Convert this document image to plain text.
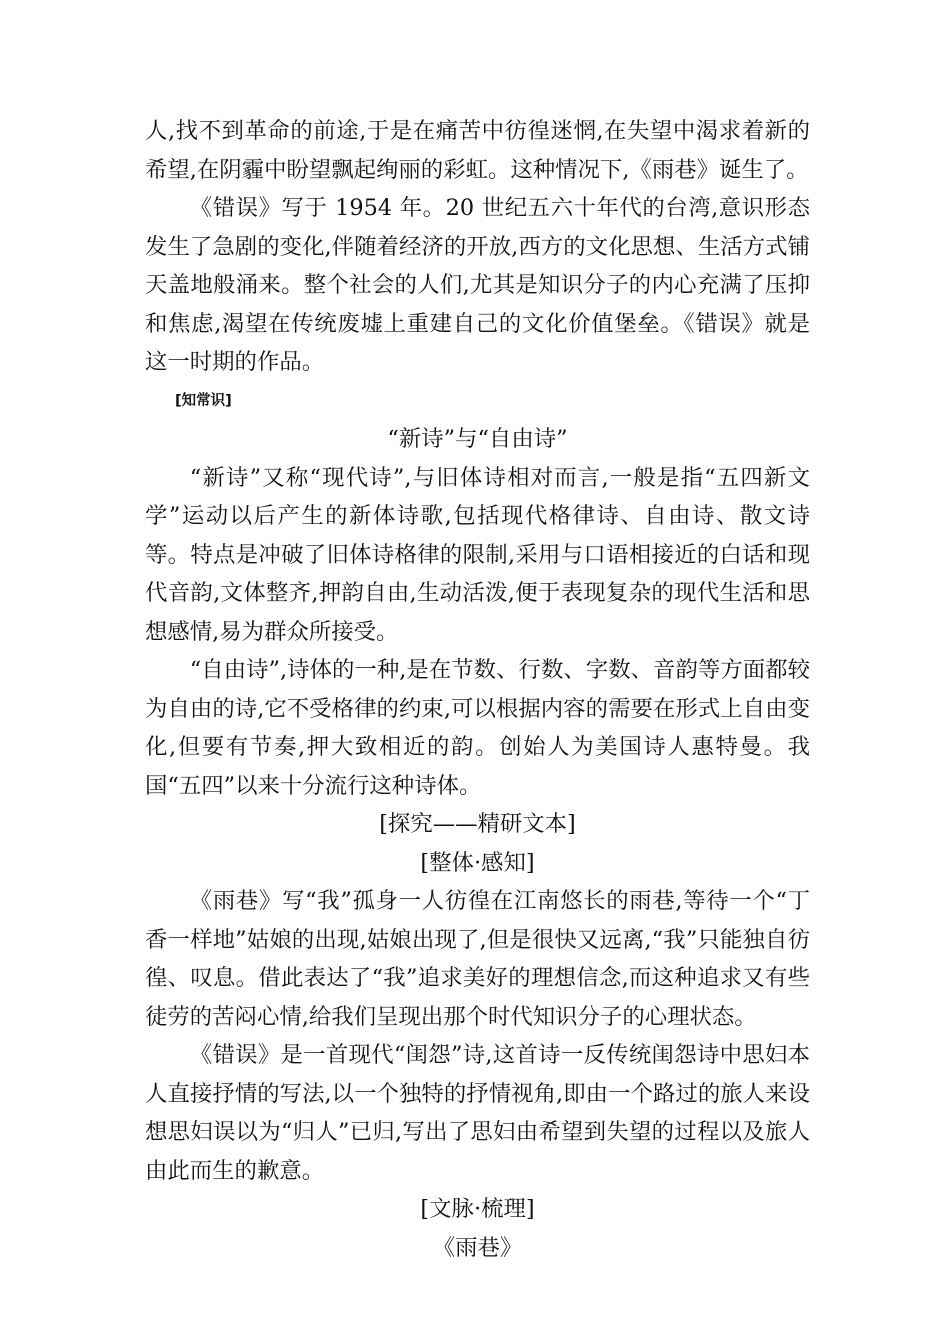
人,找不到革命的前途,于是在痛苦中彷徨迷惘,在失望中渴求着新的希望,在阴霾中盼望飘起绚丽的彩虹。这种情况下,《雨巷》诞生了。

《错误》写于 1954 年。20 世纪五六十年代的台湾,意识形态发生了急剧的变化,伴随着经济的开放,西方的文化思想、生活方式铺天盖地般涌来。整个社会的人们,尤其是知识分子的内心充满了压抑和焦虑,渴望在传统废墟上重建自己的文化价值堡垒。《错误》就是这一时期的作品。

[知常识]

“新诗”与“自由诗”

“新诗”又称“现代诗”,与旧体诗相对而言,一般是指“五四新文学”运动以后产生的新体诗歌,包括现代格律诗、自由诗、散文诗等。特点是冲破了旧体诗格律的限制,采用与口语相接近的白话和现代音韵,文体整齐,押韵自由,生动活泼,便于表现复杂的现代生活和思想感情,易为群众所接受。

“自由诗”,诗体的一种,是在节数、行数、字数、音韵等方面都较为自由的诗,它不受格律的约束,可以根据内容的需要在形式上自由变化,但要有节奏,押大致相近的韵。创始人为美国诗人惠特曼。我国“五四”以来十分流行这种诗体。

[探究——精研文本]

[整体·感知]

《雨巷》写“我”孤身一人彷徨在江南悠长的雨巷,等待一个“丁香一样地”姑娘的出现,姑娘出现了,但是很快又远离,“我”只能独自彷徨、叹息。借此表达了“我”追求美好的理想信念,而这种追求又有些徒劳的苦闷心情,给我们呈现出那个时代知识分子的心理状态。

《错误》是一首现代“闺怨”诗,这首诗一反传统闺怨诗中思妇本人直接抒情的写法,以一个独特的抒情视角,即由一个路过的旅人来设想思妇误以为“归人”已归,写出了思妇由希望到失望的过程以及旅人由此而生的歉意。

[文脉·梳理]

《雨巷》
